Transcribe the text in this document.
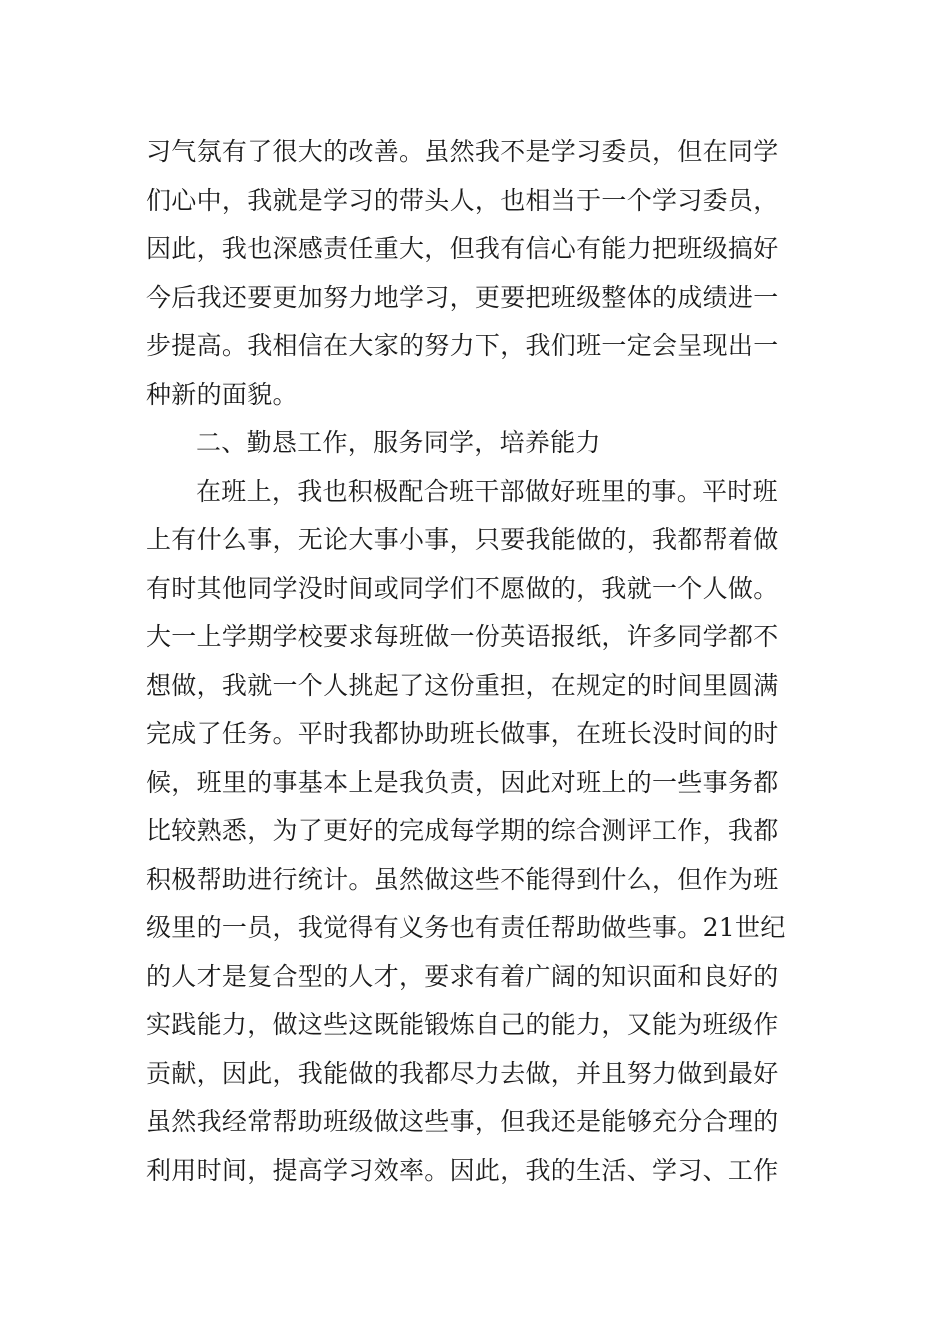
习气氛有了很大的改善。虽然我不是学习委员，但在同学
们心中，我就是学习的带头人，也相当于一个学习委员，
因此，我也深感责任重大，但我有信心有能力把班级搞好
今后我还要更加努力地学习，更要把班级整体的成绩进一
步提高。我相信在大家的努力下，我们班一定会呈现出一
种新的面貌。
二、勤恳工作，服务同学，培养能力
在班上，我也积极配合班干部做好班里的事。平时班
上有什么事，无论大事小事，只要我能做的，我都帮着做
有时其他同学没时间或同学们不愿做的，我就一个人做。
大一上学期学校要求每班做一份英语报纸，许多同学都不
想做，我就一个人挑起了这份重担，在规定的时间里圆满
完成了任务。平时我都协助班长做事，在班长没时间的时
候，班里的事基本上是我负责，因此对班上的一些事务都
比较熟悉，为了更好的完成每学期的综合测评工作，我都
积极帮助进行统计。虽然做这些不能得到什么，但作为班
级里的一员，我觉得有义务也有责任帮助做些事。21世纪
的人才是复合型的人才，要求有着广阔的知识面和良好的
实践能力，做这些这既能锻炼自己的能力，又能为班级作
贡献，因此，我能做的我都尽力去做，并且努力做到最好
虽然我经常帮助班级做这些事，但我还是能够充分合理的
利用时间，提高学习效率。因此，我的生活、学习、工作
